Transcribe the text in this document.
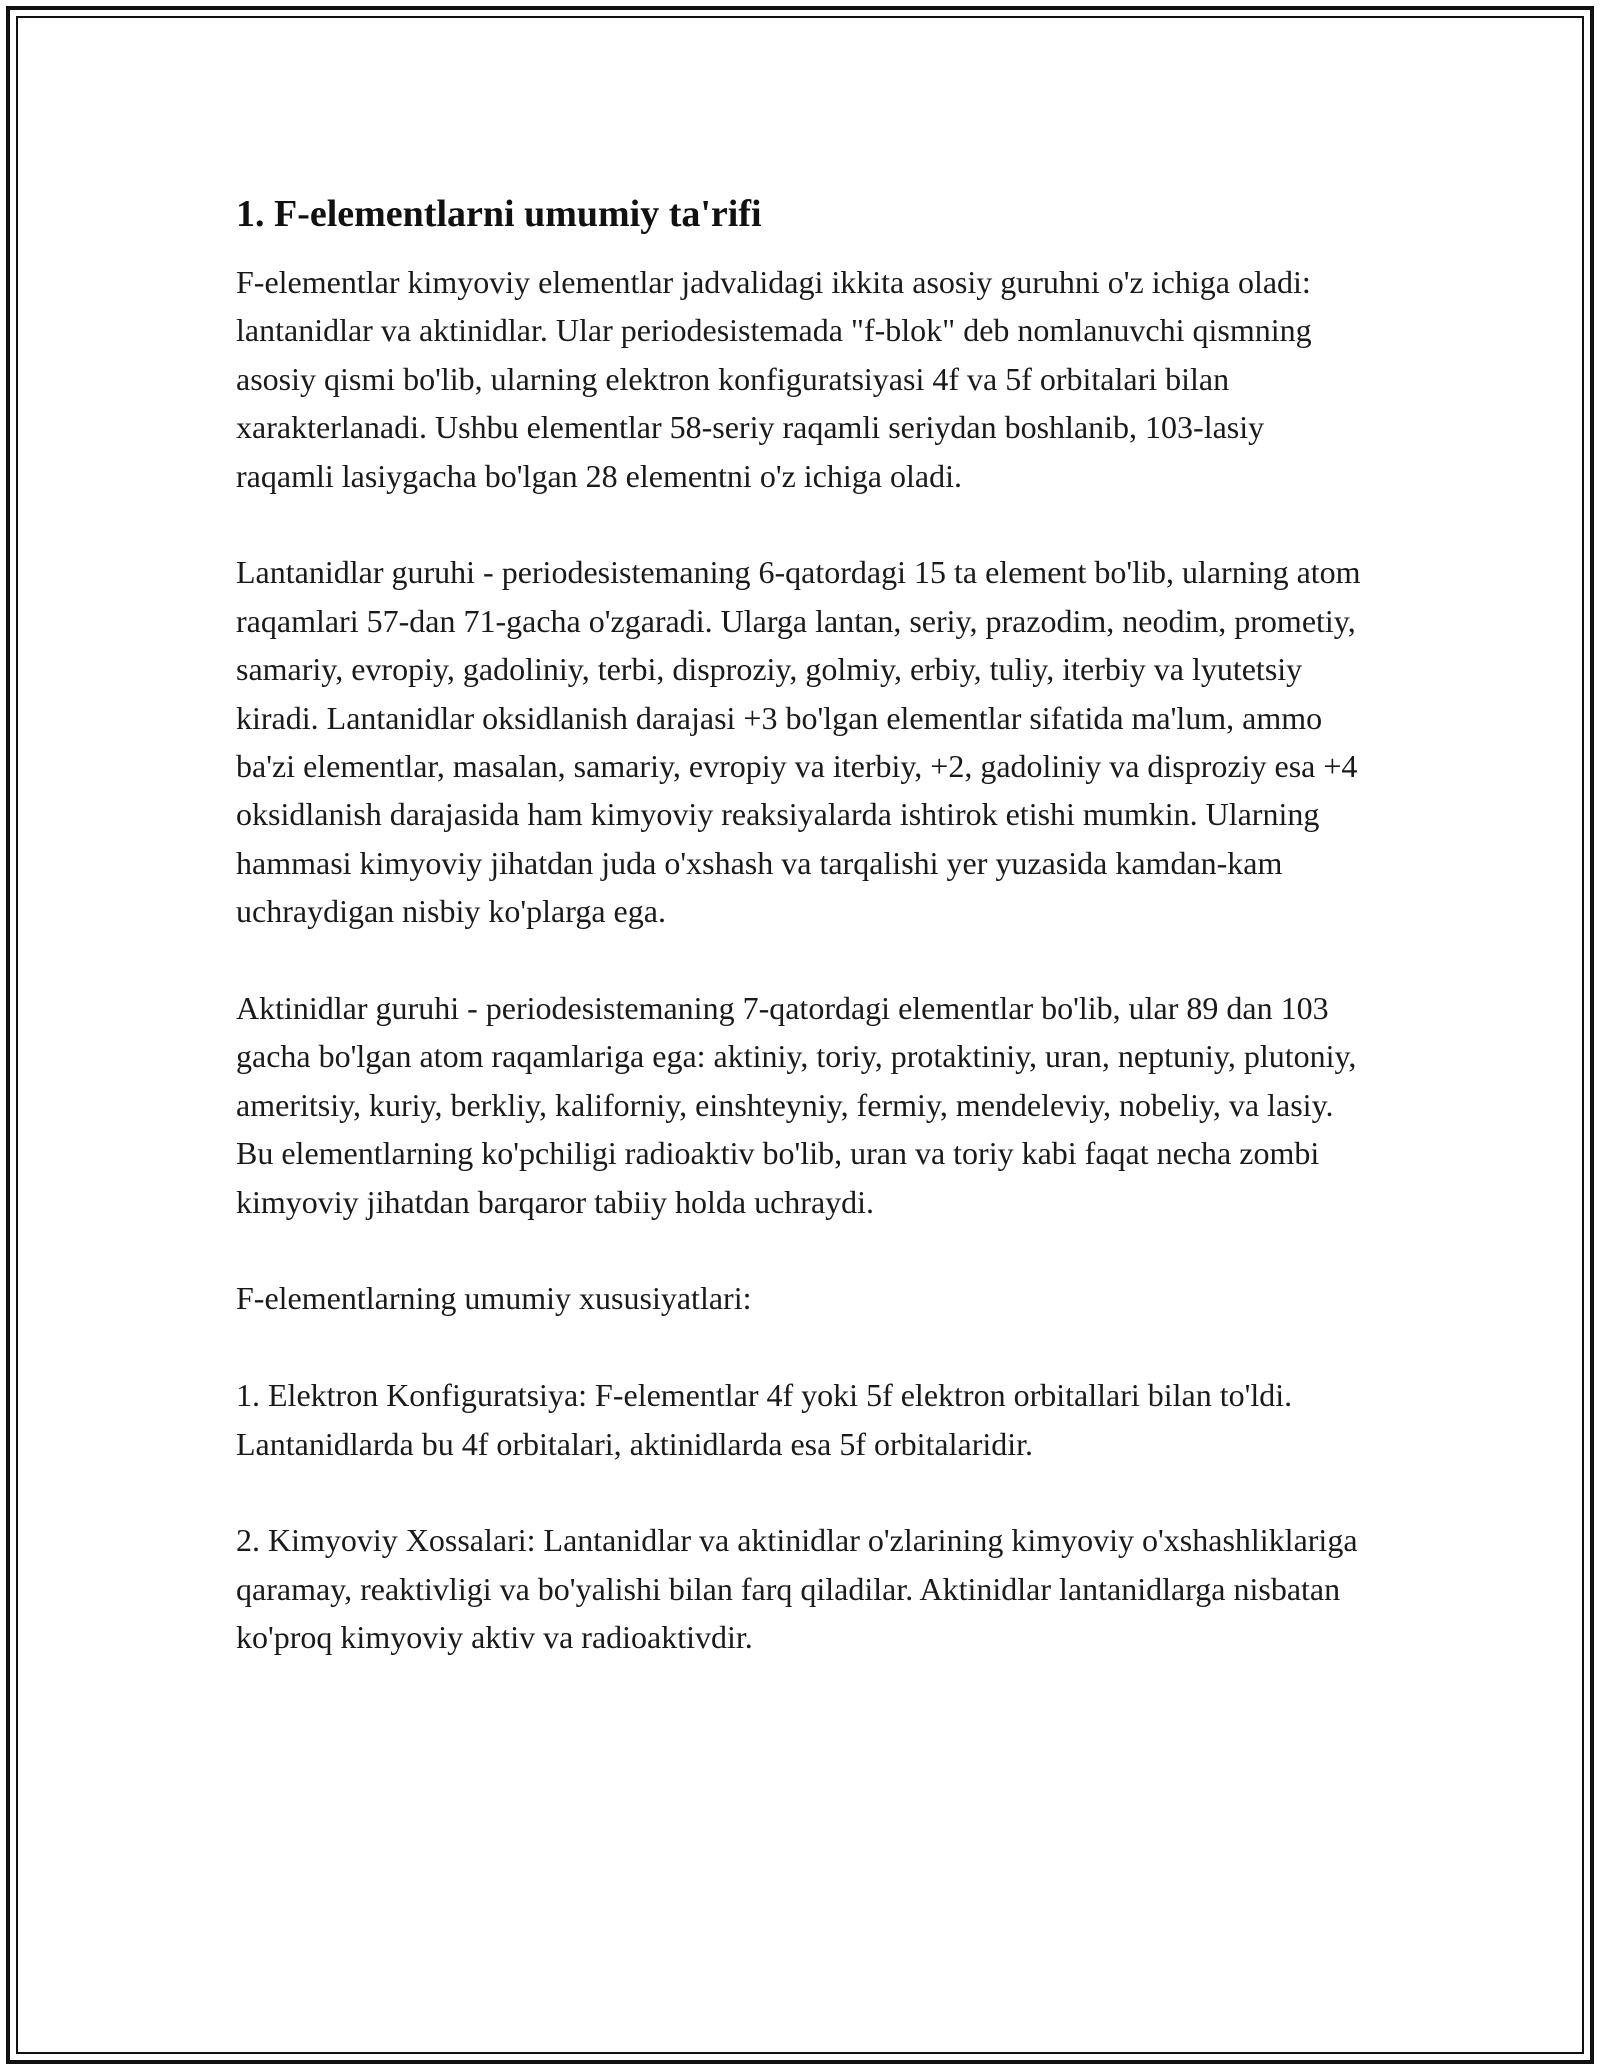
1. F-elementlarni umumiy ta'rifi

F-elementlar kimyoviy elementlar jadvalidagi ikkita asosiy guruhni o'z ichiga oladi: lantanidlar va aktinidlar. Ular periodesistemada "f-blok" deb nomlanuvchi qismning asosiy qismi bo'lib, ularning elektron konfiguratsiyasi 4f va 5f orbitalari bilan xarakterlanadi. Ushbu elementlar 58-seriy raqamli seriydan boshlanib, 103-lasiy raqamli lasiygacha bo'lgan 28 elementni o'z ichiga oladi.

Lantanidlar guruhi - periodesistemaning 6-qatordagi 15 ta element bo'lib, ularning atom raqamlari 57-dan 71-gacha o'zgaradi. Ularga lantan, seriy, prazodim, neodim, prometiy, samariy, evropiy, gadoliniy, terbi, disproziy, golmiy, erbiy, tuliy, iterbiy va lyutetsiy kiradi. Lantanidlar oksidlanish darajasi +3 bo'lgan elementlar sifatida ma'lum, ammo ba'zi elementlar, masalan, samariy, evropiy va iterbiy, +2, gadoliniy va disproziy esa +4 oksidlanish darajasida ham kimyoviy reaksiyalarda ishtirok etishi mumkin. Ularning hammasi kimyoviy jihatdan juda o'xshash va tarqalishi yer yuzasida kamdan-kam uchraydigan nisbiy ko'plarga ega.

Aktinidlar guruhi - periodesistemaning 7-qatordagi elementlar bo'lib, ular 89 dan 103 gacha bo'lgan atom raqamlariga ega: aktiniy, toriy, protaktiniy, uran, neptuniy, plutoniy, ameritsiy, kuriy, berkliy, kaliforniy, einshteyniy, fermiy, mendeleviy, nobeliy, va lasiy. Bu elementlarning ko'pchiligi radioaktiv bo'lib, uran va toriy kabi faqat necha zombi kimyoviy jihatdan barqaror tabiiy holda uchraydi.

F-elementlarning umumiy xususiyatlari:

1. Elektron Konfiguratsiya: F-elementlar 4f yoki 5f elektron orbitallari bilan to'ldi. Lantanidlarda bu 4f orbitalari, aktinidlarda esa 5f orbitalaridir.

2. Kimyoviy Xossalari: Lantanidlar va aktinidlar o'zlarining kimyoviy o'xshashliklariga qaramay, reaktivligi va bo'yalishi bilan farq qiladilar. Aktinidlar lantanidlarga nisbatan ko'proq kimyoviy aktiv va radioaktivdir.
